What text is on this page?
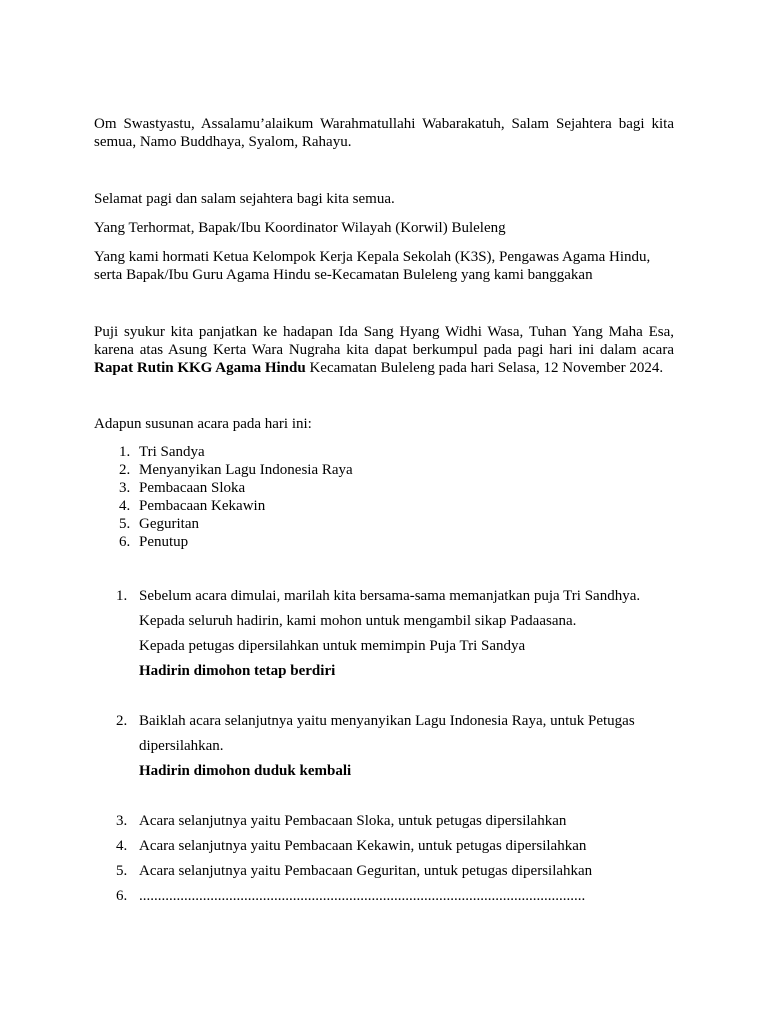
Om Swastyastu, Assalamu’alaikum Warahmatullahi Wabarakatuh, Salam Sejahtera bagi kita semua, Namo Buddhaya, Syalom, Rahayu.

Selamat pagi dan salam sejahtera bagi kita semua.

Yang Terhormat, Bapak/Ibu Koordinator Wilayah (Korwil) Buleleng

Yang kami hormati Ketua Kelompok Kerja Kepala Sekolah (K3S), Pengawas Agama Hindu, serta Bapak/Ibu Guru Agama Hindu se-Kecamatan Buleleng yang kami banggakan

Puji syukur kita panjatkan ke hadapan Ida Sang Hyang Widhi Wasa, Tuhan Yang Maha Esa, karena atas Asung Kerta Wara Nugraha kita dapat berkumpul pada pagi hari ini dalam acara Rapat Rutin KKG Agama Hindu Kecamatan Buleleng pada hari Selasa, 12 November 2024.

Adapun susunan acara pada hari ini:

1. Tri Sandya
2. Menyanyikan Lagu Indonesia Raya
3. Pembacaan Sloka
4. Pembacaan Kekawin
5. Geguritan
6. Penutup
1. Sebelum acara dimulai, marilah kita bersama-sama memanjatkan puja Tri Sandhya.

Kepada seluruh hadirin, kami mohon untuk mengambil sikap Padaasana.

Kepada petugas dipersilahkan untuk memimpin Puja Tri Sandya

Hadirin dimohon tetap berdiri

2. Baiklah acara selanjutnya yaitu menyanyikan Lagu Indonesia Raya, untuk Petugas dipersilahkan.

Hadirin dimohon duduk kembali

3. Acara selanjutnya yaitu Pembacaan Sloka, untuk petugas dipersilahkan

4. Acara selanjutnya yaitu Pembacaan Kekawin, untuk petugas dipersilahkan

5. Acara selanjutnya yaitu Pembacaan Geguritan, untuk petugas dipersilahkan

6. .......................................................................................................................
